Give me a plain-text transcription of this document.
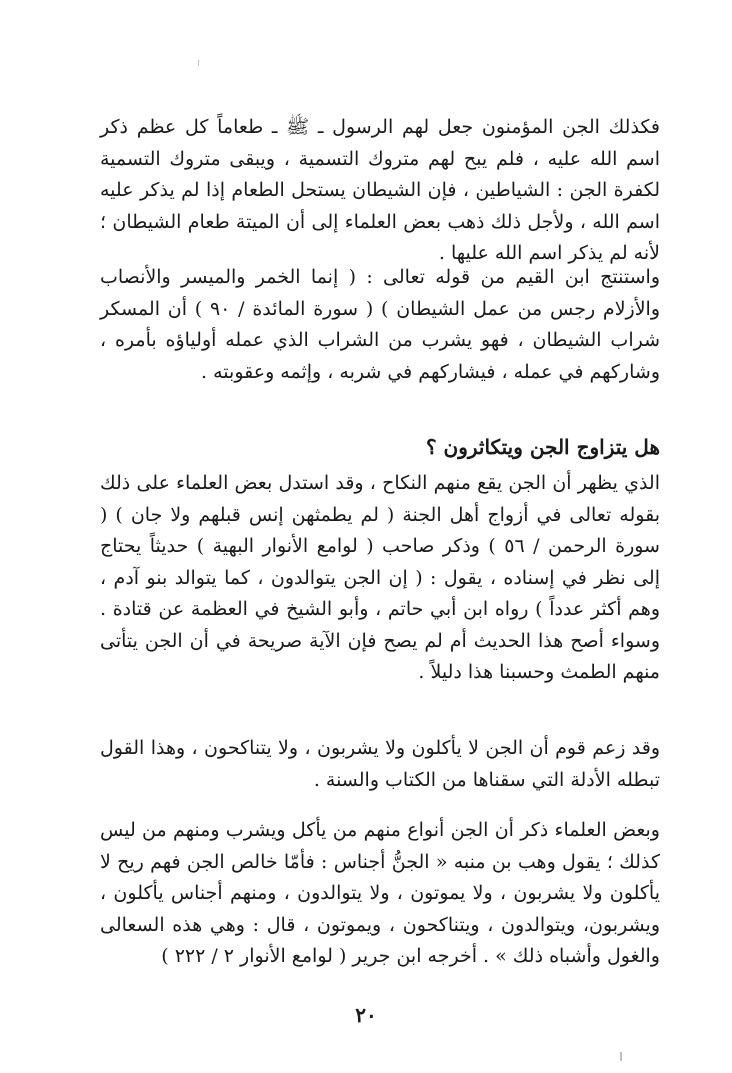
فكذلك الجن المؤمنون جعل لهم الرسول ـ ﷺ ـ طعاماً كل عظم ذكر اسم الله عليه ، فلم يبح لهم متروك التسمية ، ويبقى متروك التسمية لكفرة الجن : الشياطين ، فإن الشيطان يستحل الطعام إذا لم يذكر عليه اسم الله ، ولأجل ذلك ذهب بعض العلماء إلى أن الميتة طعام الشيطان ؛ لأنه لم يذكر اسم الله عليها .

واستنتج ابن القيم من قوله تعالى : ( إنما الخمر والميسر والأنصاب والأزلام رجس من عمل الشيطان ) ( سورة المائدة / ٩٠ ) أن المسكر شراب الشيطان ، فهو يشرب من الشراب الذي عمله أولياؤه بأمره ، وشاركهم في عمله ، فيشاركهم في شربه ، وإثمه وعقوبته .

هل يتزاوج الجن ويتكاثرون ؟

الذي يظهر أن الجن يقع منهم النكاح ، وقد استدل بعض العلماء على ذلك بقوله تعالى في أزواج أهل الجنة ( لم يطمثهن إنس قبلهم ولا جان ) ( سورة الرحمن / ٥٦ ) وذكر صاحب ( لوامع الأنوار البهية ) حديثاً يحتاج إلى نظر في إسناده ، يقول : ( إن الجن يتوالدون ، كما يتوالد بنو آدم ، وهم أكثر عدداً ) رواه ابن أبي حاتم ، وأبو الشيخ في العظمة عن قتادة . وسواء أصح هذا الحديث أم لم يصح فإن الآية صريحة في أن الجن يتأتى منهم الطمث وحسبنا هذا دليلاً .

وقد زعم قوم أن الجن لا يأكلون ولا يشربون ، ولا يتناكحون ، وهذا القول تبطله الأدلة التي سقناها من الكتاب والسنة .

وبعض العلماء ذكر أن الجن أنواع منهم من يأكل ويشرب ومنهم من ليس كذلك ؛ يقول وهب بن منبه « الجنُّ أجناس : فأمّا خالص الجن فهم ريح لا يأكلون ولا يشربون ، ولا يموتون ، ولا يتوالدون ، ومنهم أجناس يأكلون ، ويشربون، ويتوالدون ، ويتناكحون ، ويموتون ، قال : وهي هذه السعالى والغول وأشباه ذلك » . أخرجه ابن جرير ( لوامع الأنوار ٢ / ٢٢٢ )

٢٠
